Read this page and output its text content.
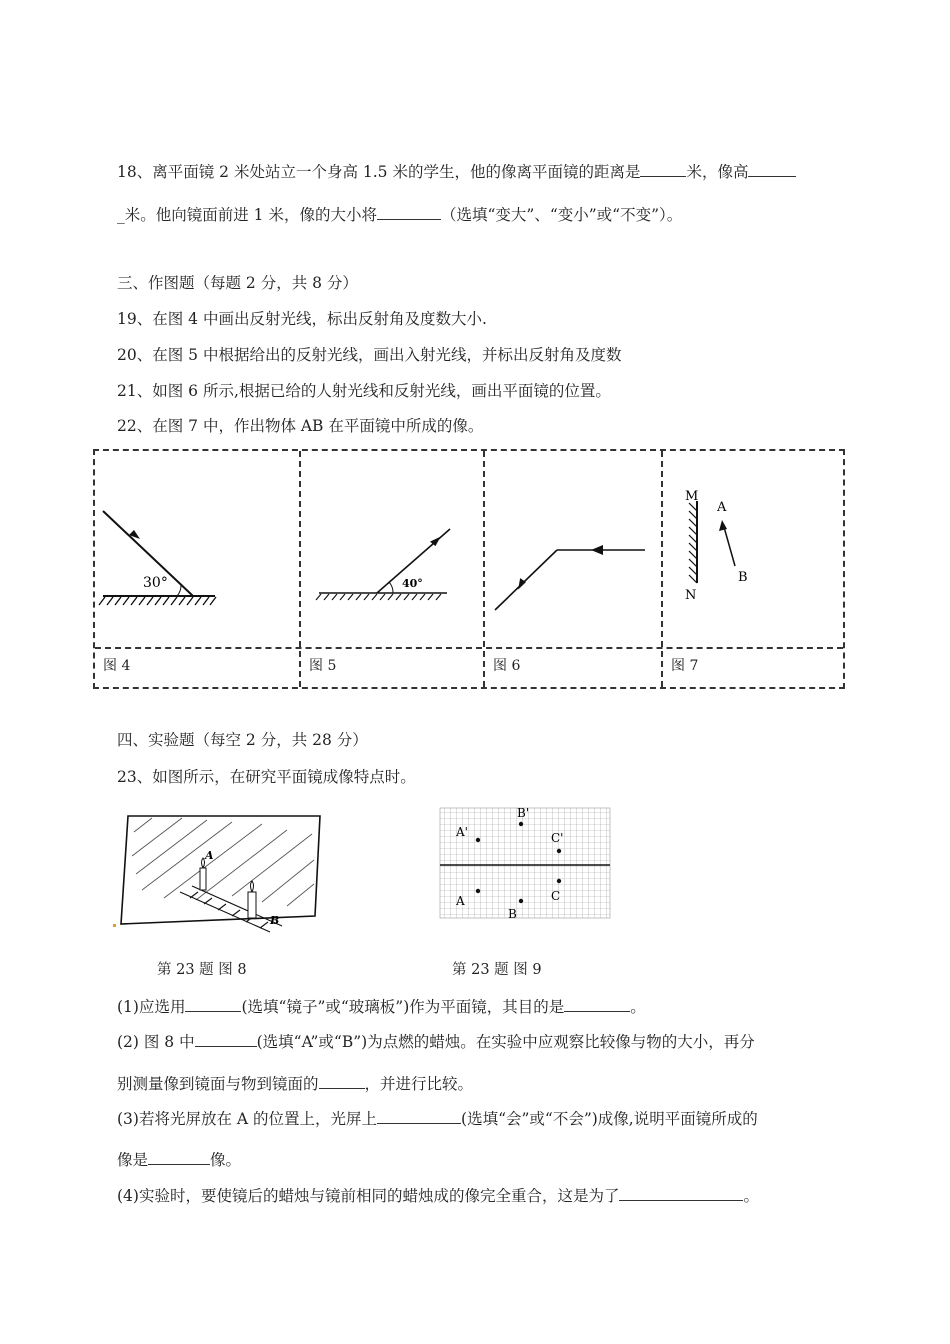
18、离平面镜 2 米处站立一个身高 1.5 米的学生，他的像离平面镜的距离是	米，像高
_米。他向镜面前进 1 米，像的大小将	（选填“变大”、“变小”或“不变”）。
三、作图题（每题 2 分，共 8 分）
19、在图 4 中画出反射光线，标出反射角及度数大小.
20、在图 5 中根据给出的反射光线，画出入射光线，并标出反射角及度数
21、如图 6 所示,根据已给的人射光线和反射光线，画出平面镜的位置。
22、在图 7 中，作出物体 AB 在平面镜中所成的像。
30°	40°
M
N
A
B
图 4	图 5	图 6	图 7
四、实验题（每空 2 分，共 28 分）
23、如图所示，在研究平面镜成像特点时。
A
B
A'
B'
C'
A
B
C
第 23 题 图 8	第 23 题 图 9
(1)应选用	(选填“镜子”或“玻璃板”)作为平面镜，其目的是	。
(2) 图 8 中	(选填“A”或“B”)为点燃的蜡烛。在实验中应观察比较像与物的大小，再分
别测量像到镜面与物到镜面的	，并进行比较。
(3)若将光屏放在 A 的位置上，光屏上	(选填“会”或“不会”)成像,说明平面镜所成的
像是	像。
(4)实验时，要使镜后的蜡烛与镜前相同的蜡烛成的像完全重合，这是为了	。
